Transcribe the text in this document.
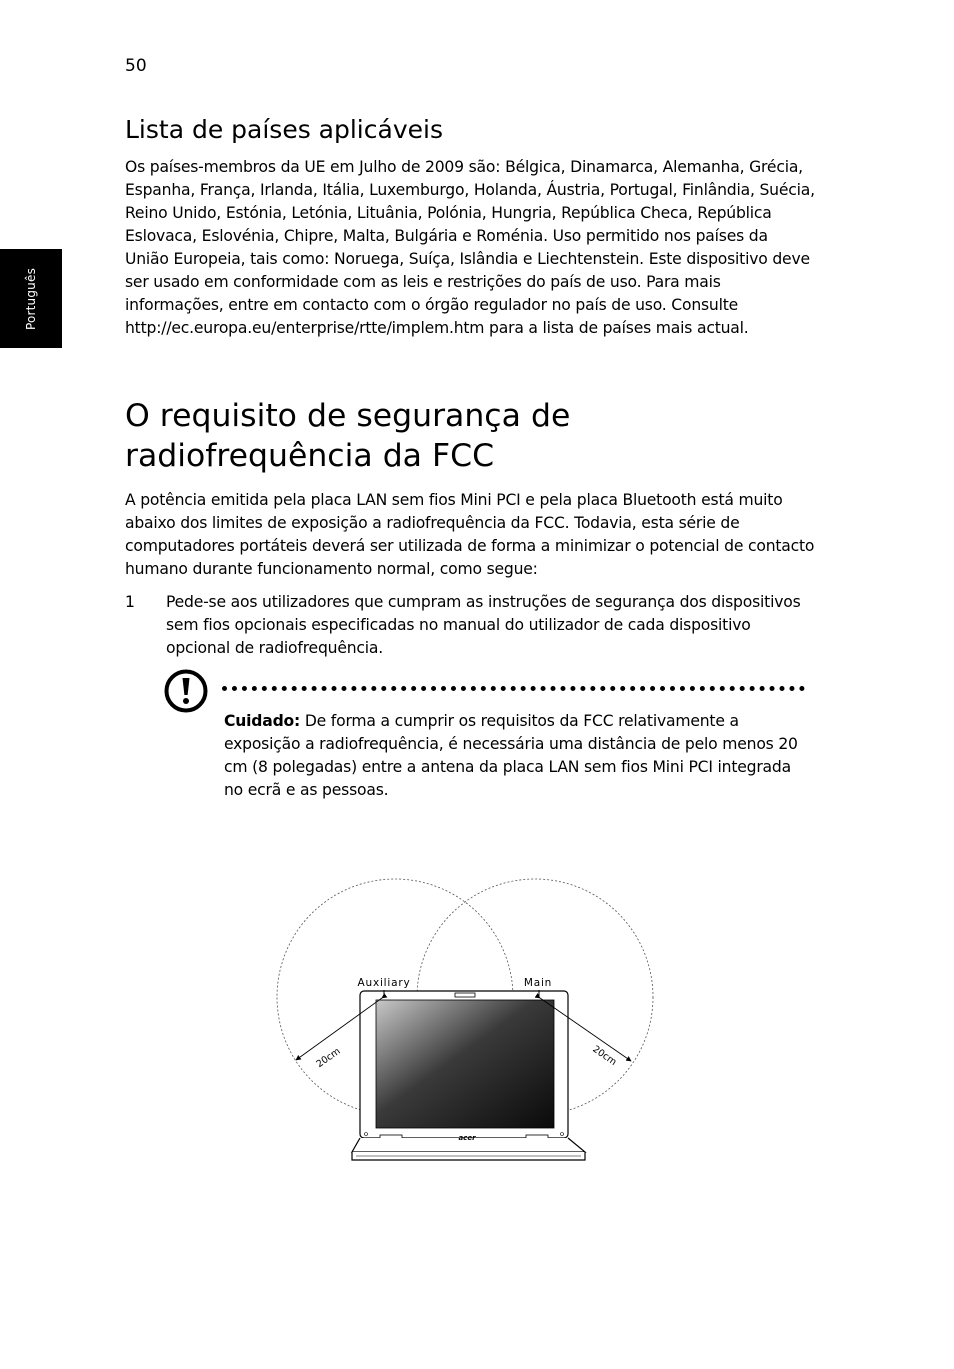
50
Português
Lista de países aplicáveis

Os países-membros da UE em Julho de 2009 são: Bélgica, Dinamarca, Alemanha, Grécia, Espanha, França, Irlanda, Itália, Luxemburgo, Holanda, Áustria, Portugal, Finlândia, Suécia, Reino Unido, Estónia, Letónia, Lituânia, Polónia, Hungria, República Checa, República Eslovaca, Eslovénia, Chipre, Malta, Bulgária e Roménia. Uso permitido nos países da União Europeia, tais como: Noruega, Suíça, Islândia e Liechtenstein. Este dispositivo deve ser usado em conformidade com as leis e restrições do país de uso. Para mais informações, entre em contacto com o órgão regulador no país de uso. Consulte http://ec.europa.eu/enterprise/rtte/implem.htm para a lista de países mais actual.

O requisito de segurança de radiofrequência da FCC

A potência emitida pela placa LAN sem fios Mini PCI e pela placa Bluetooth está muito abaixo dos limites de exposição a radiofrequência da FCC. Todavia, esta série de computadores portáteis deverá ser utilizada de forma a minimizar o potencial de contacto humano durante funcionamento normal, como segue:

1 Pede-se aos utilizadores que cumpram as instruções de segurança dos dispositivos sem fios opcionais especificadas no manual do utilizador de cada dispositivo opcional de radiofrequência.

Cuidado: De forma a cumprir os requisitos da FCC relativamente a exposição a radiofrequência, é necessária uma distância de pelo menos 20 cm (8 polegadas) entre a antena da placa LAN sem fios Mini PCI integrada no ecrã e as pessoas.

acer
Auxiliary	Main
20cm	20cm
